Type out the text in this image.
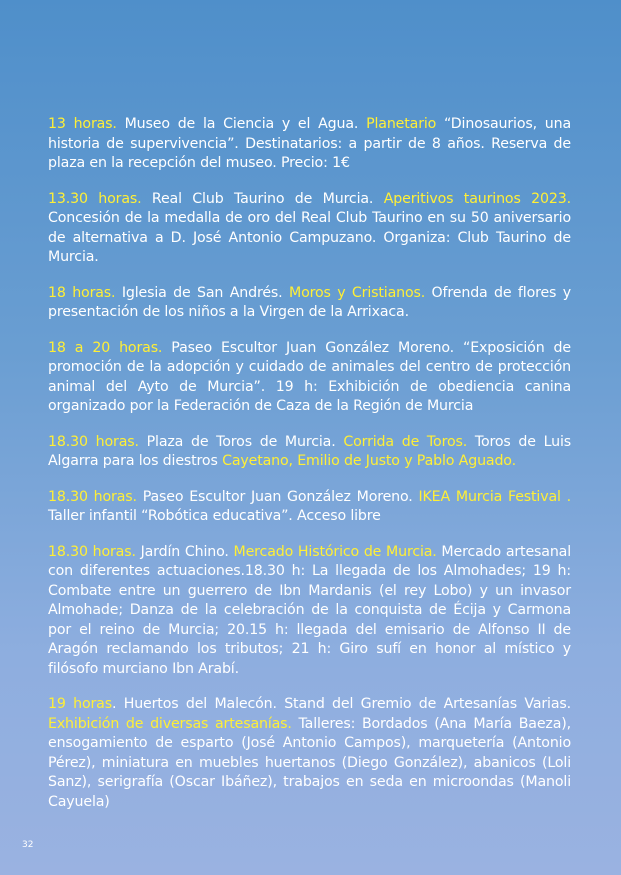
13 horas. Museo de la Ciencia y el Agua. Planetario “Dinosaurios, una historia de supervivencia”. Destinatarios: a partir de 8 años. Reserva de plaza en la recepción del museo. Precio: 1€

13.30 horas. Real Club Taurino de Murcia. Aperitivos taurinos 2023. Concesión de la medalla de oro del Real Club Taurino en su 50 aniversario de alternativa a D. José Antonio Campuzano. Organiza: Club Taurino de Murcia.

18 horas. Iglesia de San Andrés. Moros y Cristianos. Ofrenda de flores y presentación de los niños a la Virgen de la Arrixaca.

18 a 20 horas. Paseo Escultor Juan González Moreno. “Exposición de promoción de la adopción y cuidado de animales del centro de protección animal del Ayto de Murcia”. 19 h: Exhibición de obediencia canina organizado por la Federación de Caza de la Región de Murcia

18.30 horas. Plaza de Toros de Murcia. Corrida de Toros. Toros de Luis Algarra para los diestros Cayetano, Emilio de Justo y Pablo Aguado.

18.30 horas. Paseo Escultor Juan González Moreno. IKEA Murcia Festival . Taller infantil “Robótica educativa”. Acceso libre

18.30 horas. Jardín Chino. Mercado Histórico de Murcia. Mercado artesanal con diferentes actuaciones.18.30 h: La llegada de los Almohades; 19 h: Combate entre un guerrero de Ibn Mardanis (el rey Lobo) y un invasor Almohade; Danza de la celebración de la conquista de Écija y Carmona por el reino de Murcia; 20.15 h: llegada del emisario de Alfonso II de Aragón reclamando los tributos; 21 h: Giro sufí en honor al místico y filósofo murciano Ibn Arabí.

19 horas. Huertos del Malecón. Stand del Gremio de Artesanías Varias. Exhibición de diversas artesanías. Talleres: Bordados (Ana María Baeza), ensogamiento de esparto (José Antonio Campos), marquetería (Antonio Pérez), miniatura en muebles huertanos (Diego González), abanicos (Loli Sanz), serigrafía (Oscar Ibáñez), trabajos en seda en microondas (Manoli Cayuela)

32
